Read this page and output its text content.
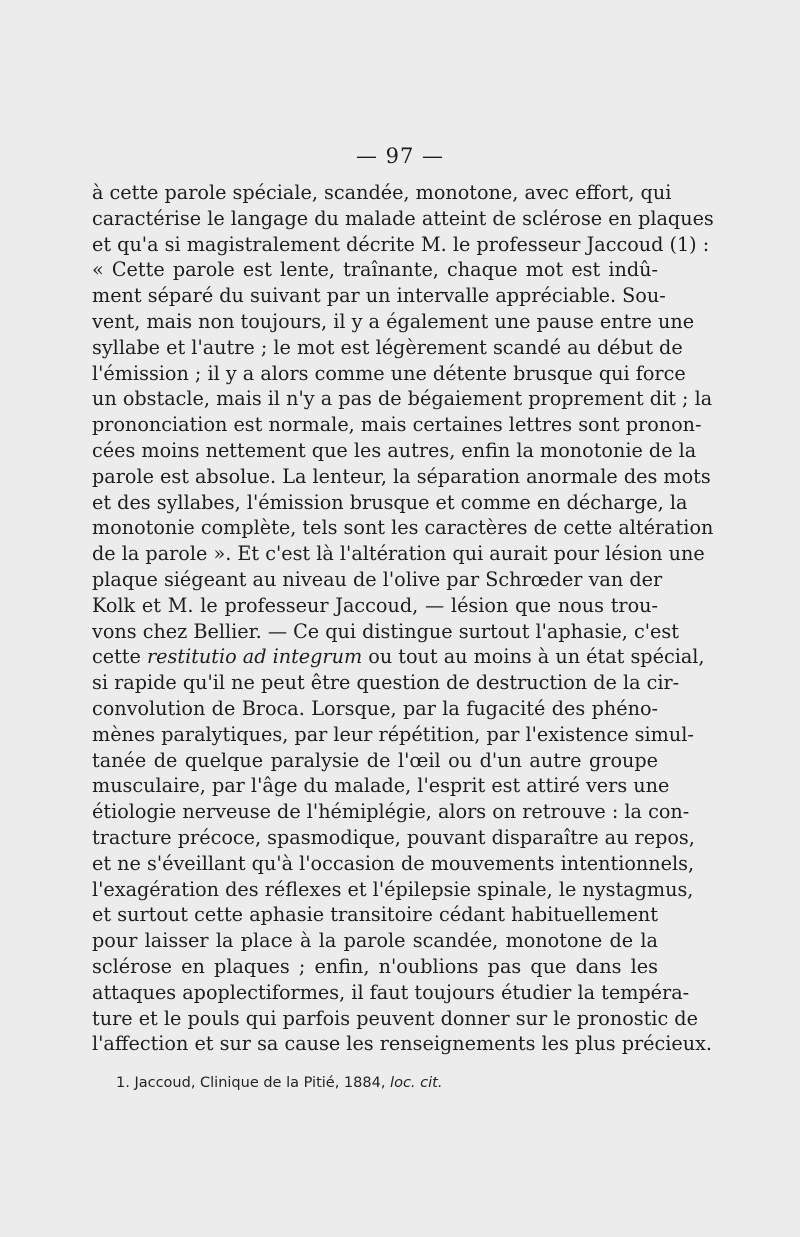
— 97 —
à cette parole spéciale, scandée, monotone, avec effort, qui
caractérise le langage du malade atteint de sclérose en plaques
et qu'a si magistralement décrite M. le professeur Jaccoud (1) :
« Cette parole est lente, traînante, chaque mot est indû-
ment séparé du suivant par un intervalle appréciable. Sou-
vent, mais non toujours, il y a également une pause entre une
syllabe et l'autre ; le mot est légèrement scandé au début de
l'émission ; il y a alors comme une détente brusque qui force
un obstacle, mais il n'y a pas de bégaiement proprement dit ; la
prononciation est normale, mais certaines lettres sont pronon-
cées moins nettement que les autres, enfin la monotonie de la
parole est absolue. La lenteur, la séparation anormale des mots
et des syllabes, l'émission brusque et comme en décharge, la
monotonie complète, tels sont les caractères de cette altération
de la parole ». Et c'est là l'altération qui aurait pour lésion une
plaque siégeant au niveau de l'olive par Schrœder van der
Kolk et M. le professeur Jaccoud, — lésion que nous trou-
vons chez Bellier. — Ce qui distingue surtout l'aphasie, c'est
cette restitutio ad integrum ou tout au moins à un état spécial,
si rapide qu'il ne peut être question de destruction de la cir-
convolution de Broca. Lorsque, par la fugacité des phéno-
mènes paralytiques, par leur répétition, par l'existence simul-
tanée de quelque paralysie de l'œil ou d'un autre groupe
musculaire, par l'âge du malade, l'esprit est attiré vers une
étiologie nerveuse de l'hémiplégie, alors on retrouve : la con-
tracture précoce, spasmodique, pouvant disparaître au repos,
et ne s'éveillant qu'à l'occasion de mouvements intentionnels,
l'exagération des réflexes et l'épilepsie spinale, le nystagmus,
et surtout cette aphasie transitoire cédant habituellement
pour laisser la place à la parole scandée, monotone de la
sclérose en plaques ; enfin, n'oublions pas que dans les
attaques apoplectiformes, il faut toujours étudier la tempéra-
ture et le pouls qui parfois peuvent donner sur le pronostic de
l'affection et sur sa cause les renseignements les plus précieux.
1. Jaccoud, Clinique de la Pitié, 1884, loc. cit.
